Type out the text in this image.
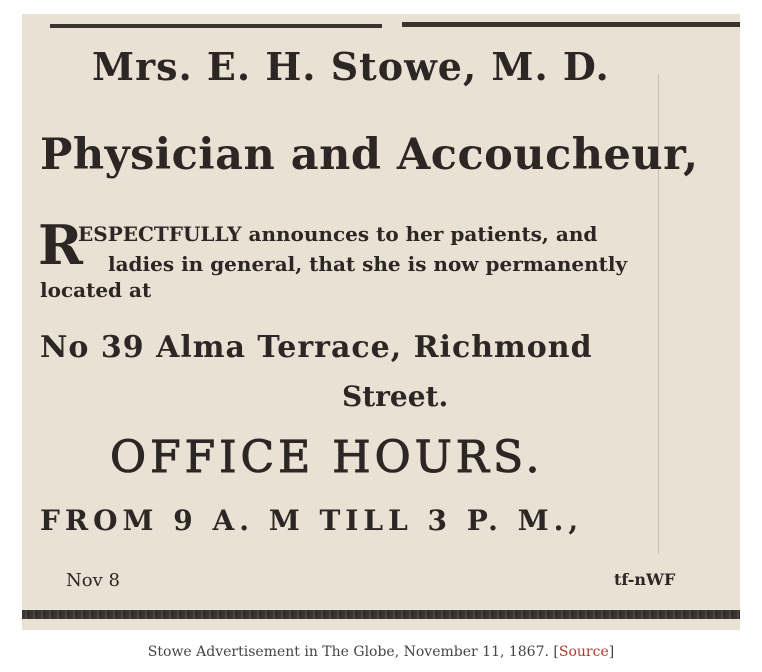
Mrs. E. H. Stowe, M. D.
Physician and Accoucheur,
R
ESPECTFULLY announces to her patients, and
ladies in general, that she is now permanently
located at
No 39 Alma Terrace, Richmond
Street.
OFFICE HOURS.
FROM 9 A. M TILL 3 P. M.,
Nov 8	tf-nWF
Stowe Advertisement in The Globe, November 11, 1867. [Source]
